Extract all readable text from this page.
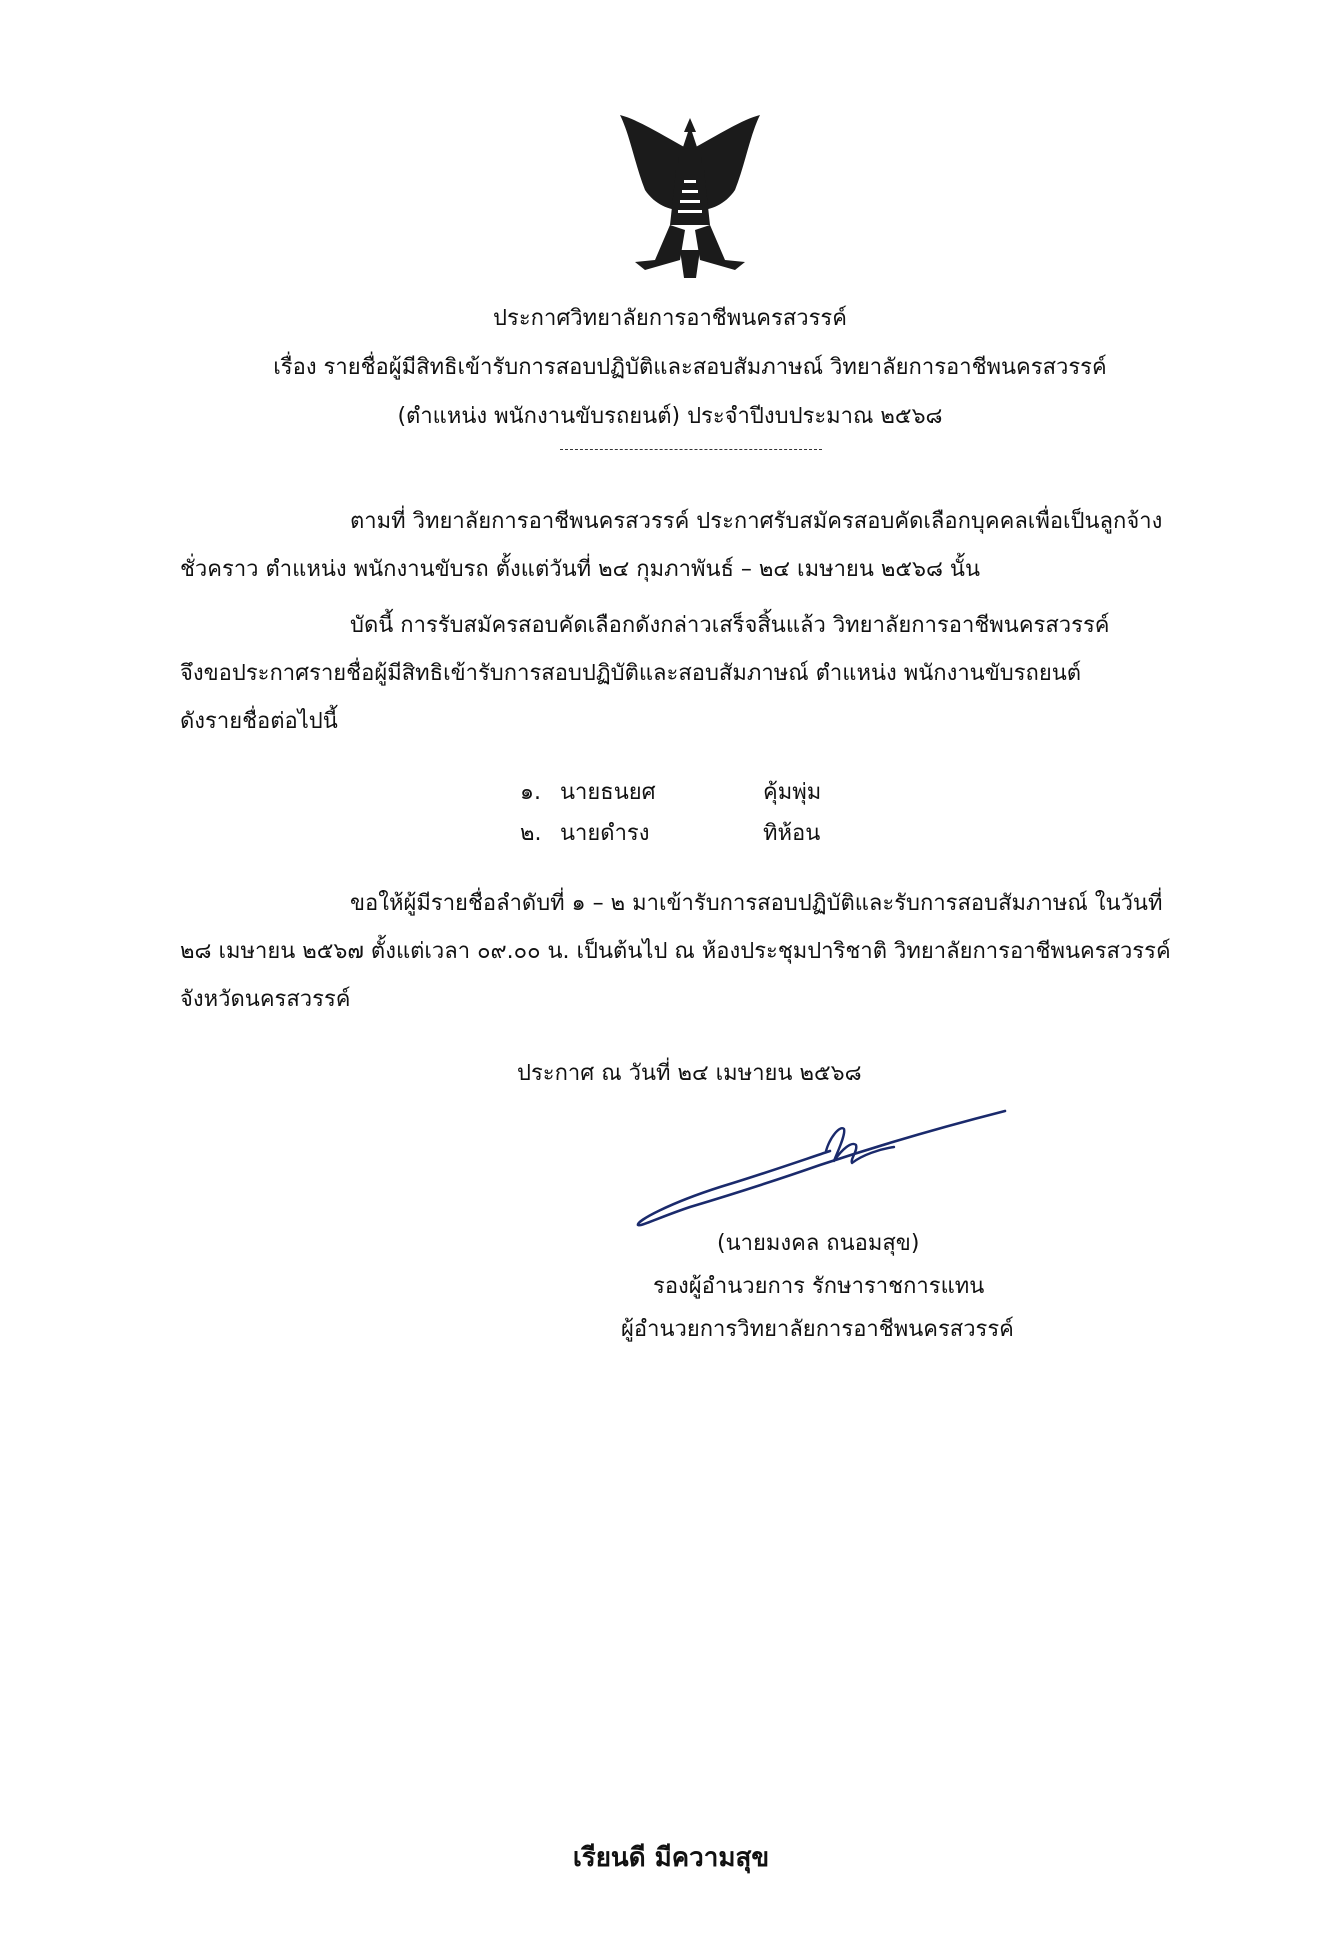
ประกาศวิทยาลัยการอาชีพนครสวรรค์
เรื่อง รายชื่อผู้มีสิทธิเข้ารับการสอบปฏิบัติและสอบสัมภาษณ์ วิทยาลัยการอาชีพนครสวรรค์
(ตำแหน่ง พนักงานขับรถยนต์) ประจำปีงบประมาณ ๒๕๖๘
ตามที่ วิทยาลัยการอาชีพนครสวรรค์ ประกาศรับสมัครสอบคัดเลือกบุคคลเพื่อเป็นลูกจ้าง
ชั่วคราว ตำแหน่ง พนักงานขับรถ ตั้งแต่วันที่ ๒๔ กุมภาพันธ์ – ๒๔ เมษายน ๒๕๖๘ นั้น
บัดนี้ การรับสมัครสอบคัดเลือกดังกล่าวเสร็จสิ้นแล้ว วิทยาลัยการอาชีพนครสวรรค์
จึงขอประกาศรายชื่อผู้มีสิทธิเข้ารับการสอบปฏิบัติและสอบสัมภาษณ์ ตำแหน่ง พนักงานขับรถยนต์
ดังรายชื่อต่อไปนี้
๑. นายธนยศ	คุ้มพุ่ม
๒. นายดำรง	ทิห้อน
ขอให้ผู้มีรายชื่อลำดับที่ ๑ – ๒ มาเข้ารับการสอบปฏิบัติและรับการสอบสัมภาษณ์ ในวันที่
๒๘ เมษายน ๒๕๖๗ ตั้งแต่เวลา ๐๙.๐๐ น. เป็นต้นไป ณ ห้องประชุมปาริชาติ วิทยาลัยการอาชีพนครสวรรค์
จังหวัดนครสวรรค์
ประกาศ ณ วันที่ ๒๔ เมษายน ๒๕๖๘
(นายมงคล ถนอมสุข)
รองผู้อำนวยการ รักษาราชการแทน
ผู้อำนวยการวิทยาลัยการอาชีพนครสวรรค์
เรียนดี มีความสุข
